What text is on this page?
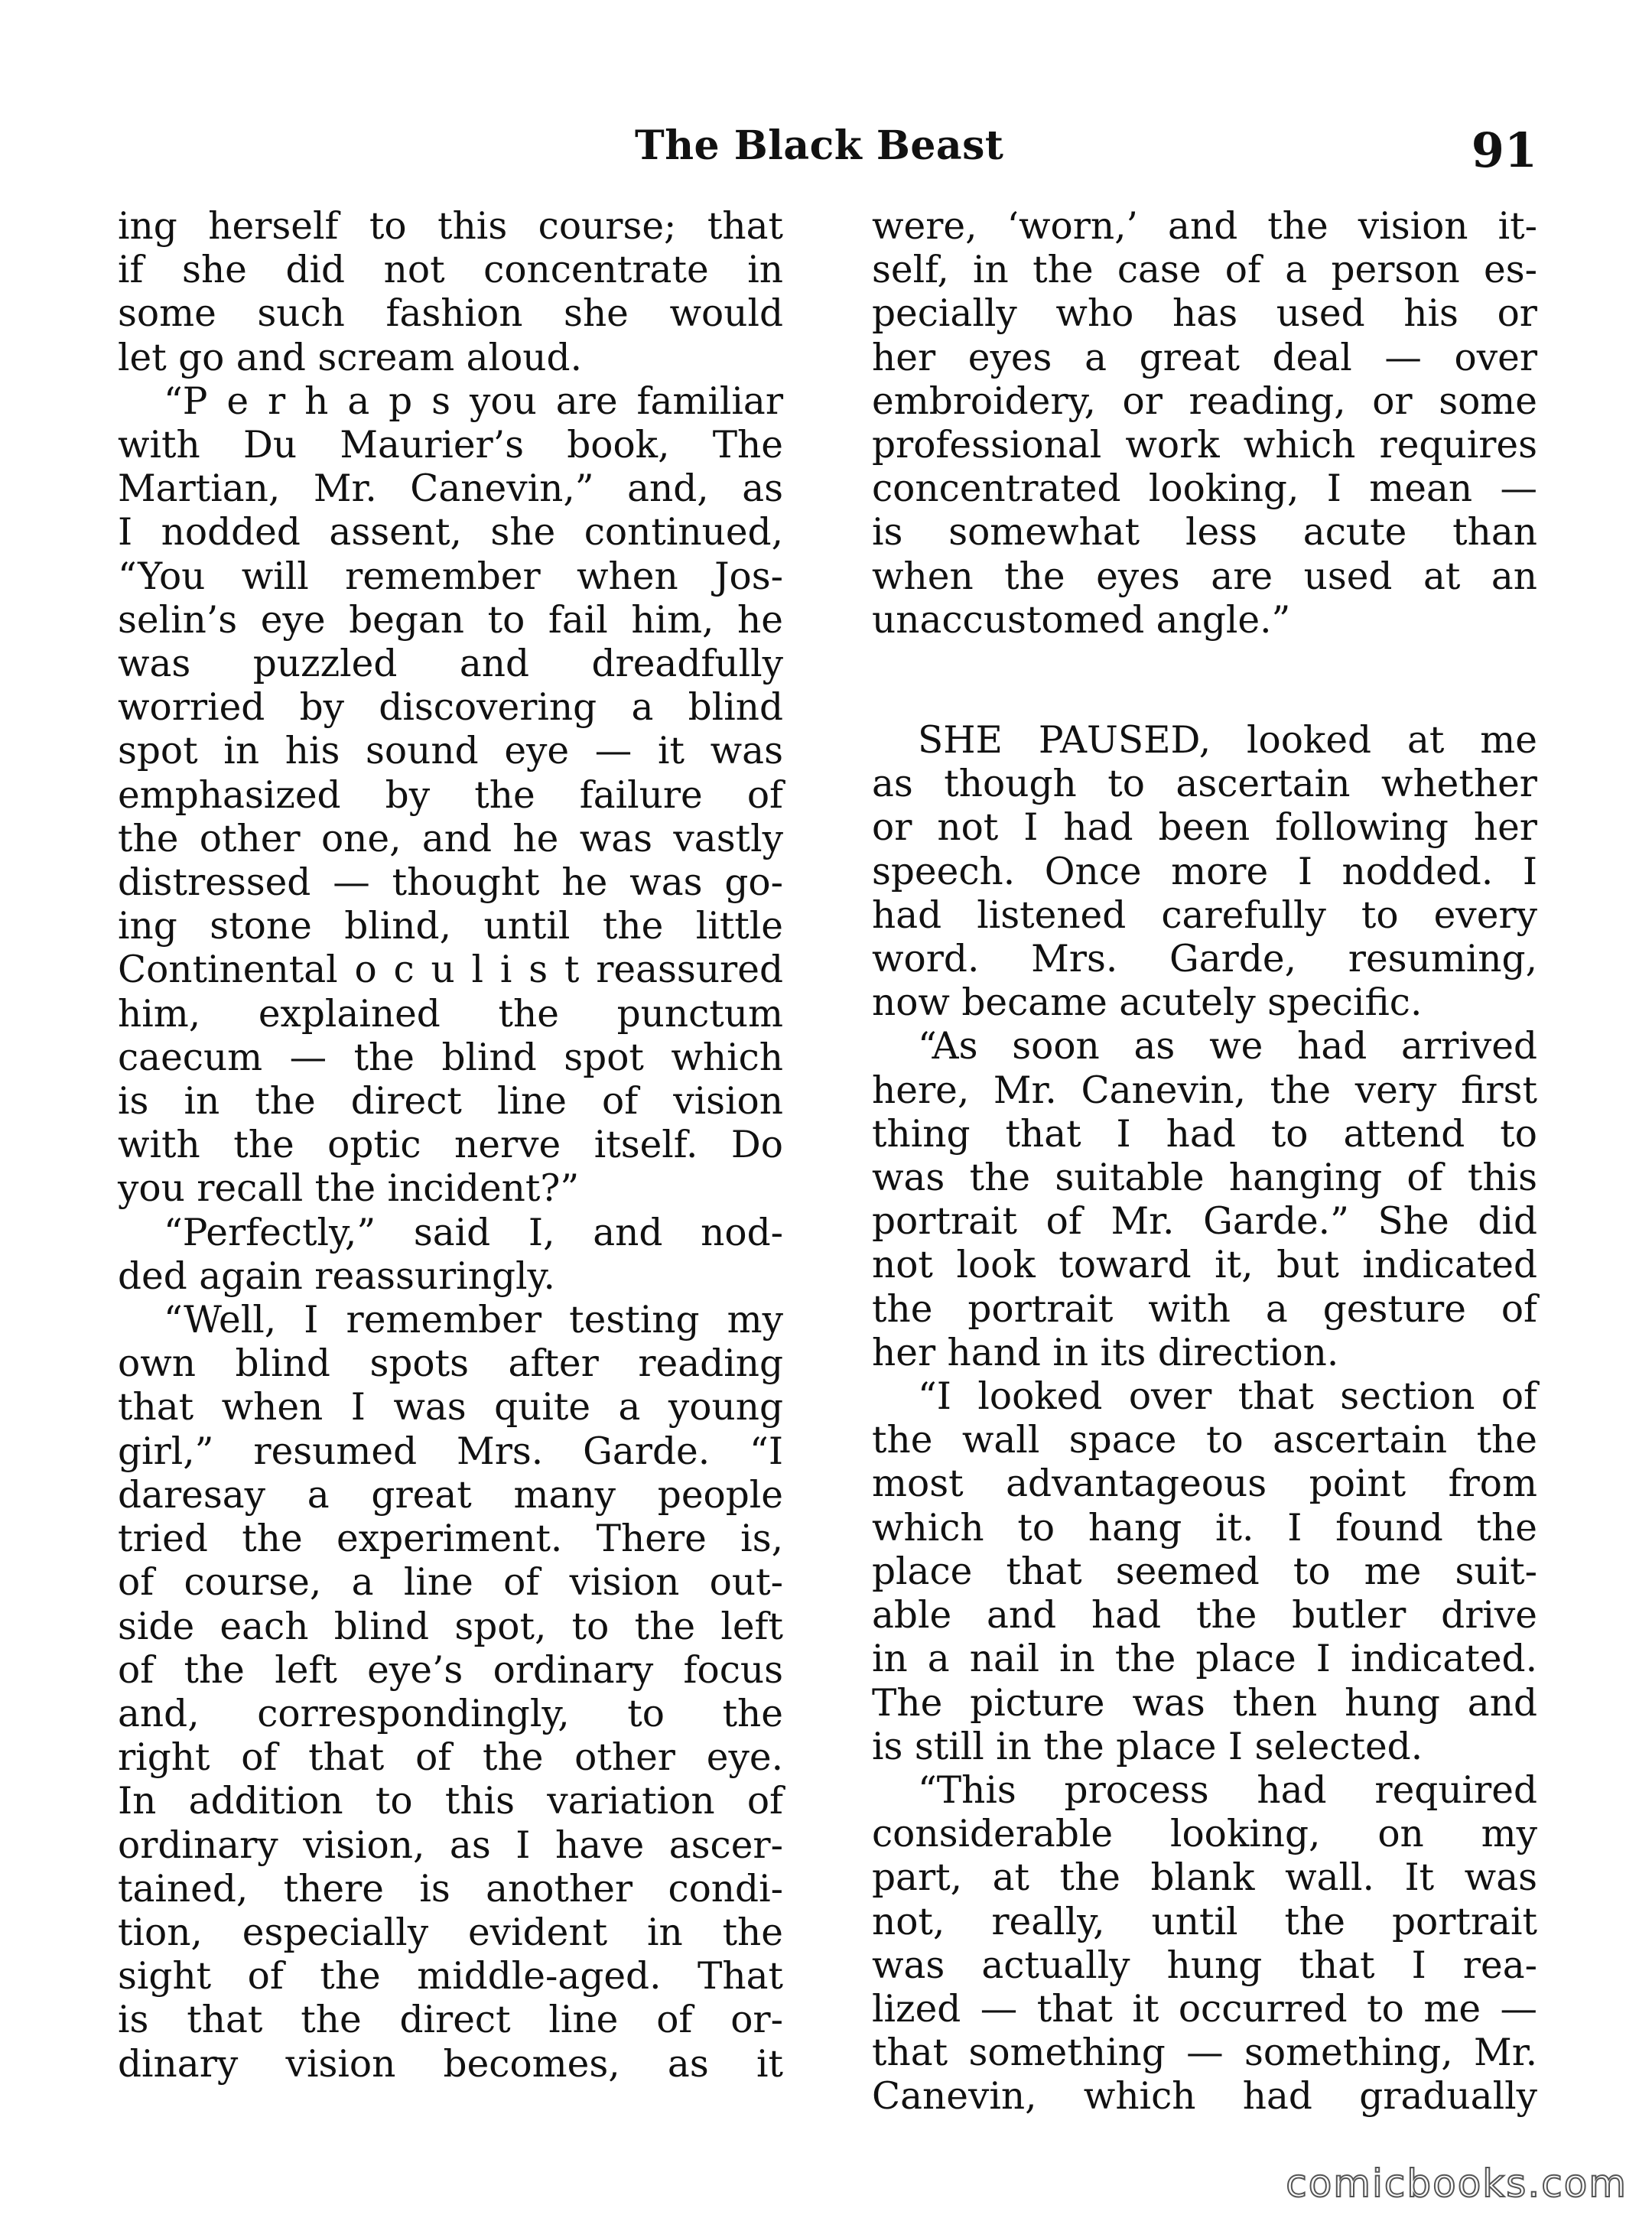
The Black Beast	91
ing herself to this course; that
if she did not concentrate in
some such fashion she would
let go and scream aloud.
“P e r h a p s you are familiar
with Du Maurier’s book, The
Martian, Mr. Canevin,” and, as
I nodded assent, she continued,
“You will remember when Jos-
selin’s eye began to fail him, he
was puzzled and dreadfully
worried by discovering a blind
spot in his sound eye — it was
emphasized by the failure of
the other one, and he was vastly
distressed — thought he was go-
ing stone blind, until the little
Continental o c u l i s t reassured
him, explained the punctum
caecum — the blind spot which
is in the direct line of vision
with the optic nerve itself. Do
you recall the incident?”
“Perfectly,” said I, and nod-
ded again reassuringly.
“Well, I remember testing my
own blind spots after reading
that when I was quite a young
girl,” resumed Mrs. Garde. “I
daresay a great many people
tried the experiment. There is,
of course, a line of vision out-
side each blind spot, to the left
of the left eye’s ordinary focus
and, correspondingly, to the
right of that of the other eye.
In addition to this variation of
ordinary vision, as I have ascer-
tained, there is another condi-
tion, especially evident in the
sight of the middle-aged. That
is that the direct line of or-
dinary vision becomes, as it
were, ‘worn,’ and the vision it-
self, in the case of a person es-
pecially who has used his or
her eyes a great deal — over
embroidery, or reading, or some
professional work which requires
concentrated looking, I mean —
is somewhat less acute than
when the eyes are used at an
unaccustomed angle.”
SHE PAUSED, looked at me
as though to ascertain whether
or not I had been following her
speech. Once more I nodded. I
had listened carefully to every
word. Mrs. Garde, resuming,
now became acutely specific.
“As soon as we had arrived
here, Mr. Canevin, the very first
thing that I had to attend to
was the suitable hanging of this
portrait of Mr. Garde.” She did
not look toward it, but indicated
the portrait with a gesture of
her hand in its direction.
“I looked over that section of
the wall space to ascertain the
most advantageous point from
which to hang it. I found the
place that seemed to me suit-
able and had the butler drive
in a nail in the place I indicated.
The picture was then hung and
is still in the place I selected.
“This process had required
considerable looking, on my
part, at the blank wall. It was
not, really, until the portrait
was actually hung that I rea-
lized — that it occurred to me —
that something — something, Mr.
Canevin, which had gradually
comicbooks.com
